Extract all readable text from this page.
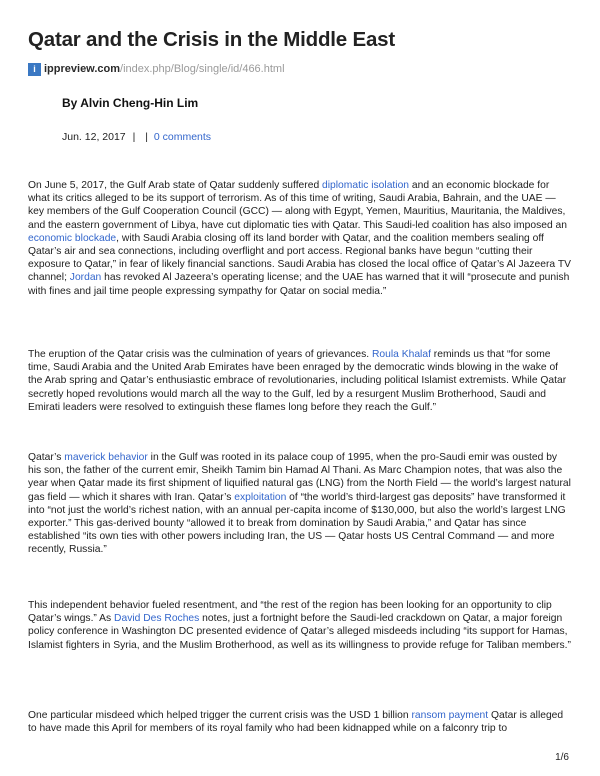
Qatar and the Crisis in the Middle East
i ippreview.com /index.php/Blog/single/id/466.html
By Alvin Cheng-Hin Lim
Jun. 12, 2017 | | 0 comments

On June 5, 2017, the Gulf Arab state of Qatar suddenly suffered diplomatic isolation and an economic blockade for what its critics alleged to be its support of terrorism. As of this time of writing, Saudi Arabia, Bahrain, and the UAE — key members of the Gulf Cooperation Council (GCC) — along with Egypt, Yemen, Mauritius, Mauritania, the Maldives, and the eastern government of Libya, have cut diplomatic ties with Qatar. This Saudi-led coalition has also imposed an economic blockade, with Saudi Arabia closing off its land border with Qatar, and the coalition members sealing off Qatar’s air and sea connections, including overflight and port access. Regional banks have begun “cutting their exposure to Qatar,” in fear of likely financial sanctions. Saudi Arabia has closed the local office of Qatar’s Al Jazeera TV channel; Jordan has revoked Al Jazeera’s operating license; and the UAE has warned that it will “prosecute and punish with fines and jail time people expressing sympathy for Qatar on social media.”

The eruption of the Qatar crisis was the culmination of years of grievances. Roula Khalaf reminds us that “for some time, Saudi Arabia and the United Arab Emirates have been enraged by the democratic winds blowing in the wake of the Arab spring and Qatar’s enthusiastic embrace of revolutionaries, including political Islamist extremists. While Qatar secretly hoped revolutions would march all the way to the Gulf, led by a resurgent Muslim Brotherhood, Saudi and Emirati leaders were resolved to extinguish these flames long before they reach the Gulf.”

Qatar’s maverick behavior in the Gulf was rooted in its palace coup of 1995, when the pro-Saudi emir was ousted by his son, the father of the current emir, Sheikh Tamim bin Hamad Al Thani. As Marc Champion notes, that was also the year when Qatar made its first shipment of liquified natural gas (LNG) from the North Field — the world’s largest natural gas field — which it shares with Iran. Qatar’s exploitation of “the world’s third-largest gas deposits” have transformed it into “not just the world’s richest nation, with an annual per-capita income of $130,000, but also the world’s largest LNG exporter.” This gas-derived bounty “allowed it to break from domination by Saudi Arabia,” and Qatar has since established “its own ties with other powers including Iran, the US — Qatar hosts US Central Command — and more recently, Russia.”

This independent behavior fueled resentment, and “the rest of the region has been looking for an opportunity to clip Qatar’s wings.” As David Des Roches notes, just a fortnight before the Saudi-led crackdown on Qatar, a major foreign policy conference in Washington DC presented evidence of Qatar’s alleged misdeeds including “its support for Hamas, Islamist fighters in Syria, and the Muslim Brotherhood, as well as its willingness to provide refuge for Taliban members.”

One particular misdeed which helped trigger the current crisis was the USD 1 billion ransom payment Qatar is alleged to have made this April for members of its royal family who had been kidnapped while on a falconry trip to

1/6
